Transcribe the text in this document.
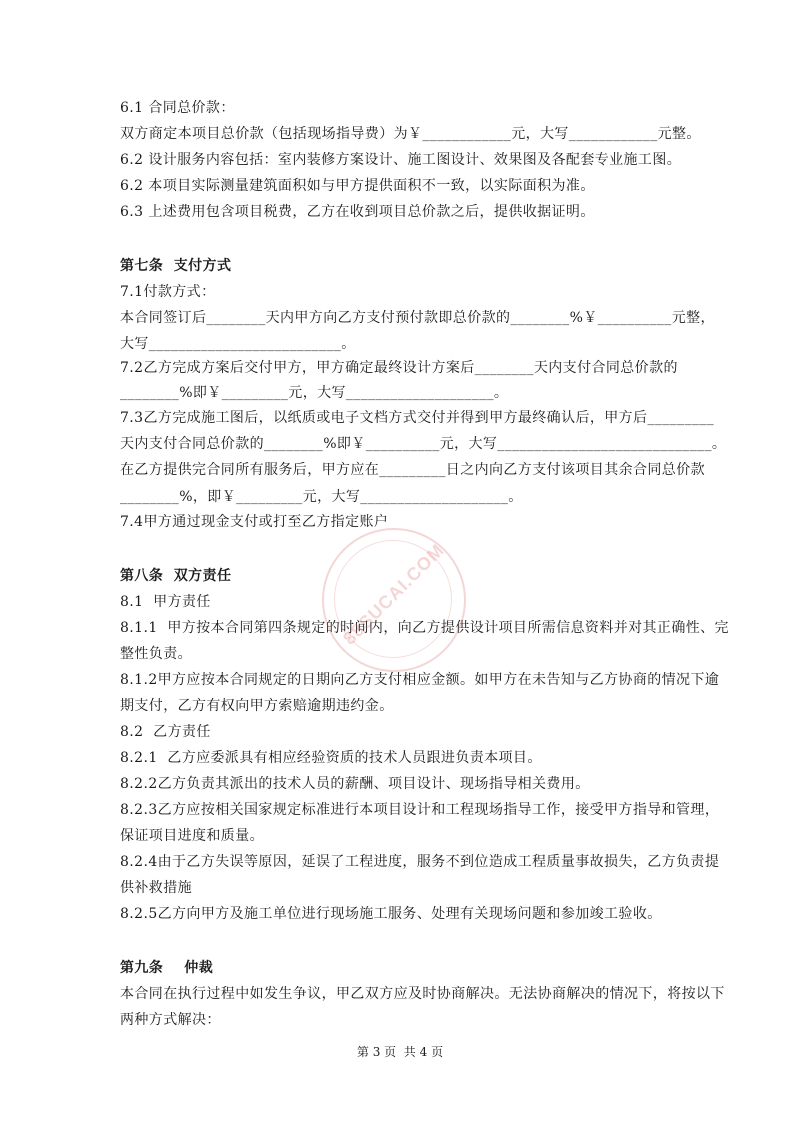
6.1 合同总价款：
双方商定本项目总价款（包括现场指导费）为￥____________元，大写____________元整。
6.2 设计服务内容包括：室内装修方案设计、施工图设计、效果图及各配套专业施工图。
6.2 本项目实际测量建筑面积如与甲方提供面积不一致，以实际面积为准。
6.3 上述费用包含项目税费，乙方在收到项目总价款之后，提供收据证明。
第七条  支付方式
7.1付款方式：
本合同签订后________天内甲方向乙方支付预付款即总价款的________%￥__________元整，
大写__________________________。
7.2乙方完成方案后交付甲方，甲方确定最终设计方案后________天内支付合同总价款的
________%即￥_________元，大写____________________。
7.3乙方完成施工图后，以纸质或电子文档方式交付并得到甲方最终确认后，甲方后_________
天内支付合同总价款的________%即￥__________元，大写_____________________________。
在乙方提供完合同所有服务后，甲方应在_________日之内向乙方支付该项目其余合同总价款
________%，即￥_________元，大写____________________。
7.4甲方通过现金支付或打至乙方指定账户
第八条  双方责任
8.1  甲方责任
8.1.1  甲方按本合同第四条规定的时间内，向乙方提供设计项目所需信息资料并对其正确性、完
整性负责。
8.1.2甲方应按本合同规定的日期向乙方支付相应金额。如甲方在未告知与乙方协商的情况下逾
期支付，乙方有权向甲方索赔逾期违约金。
8.2  乙方责任
8.2.1  乙方应委派具有相应经验资质的技术人员跟进负责本项目。
8.2.2乙方负责其派出的技术人员的薪酬、项目设计、现场指导相关费用。
8.2.3乙方应按相关国家规定标准进行本项目设计和工程现场指导工作，接受甲方指导和管理，
保证项目进度和质量。
8.2.4由于乙方失误等原因，延误了工程进度，服务不到位造成工程质量事故损失，乙方负责提
供补救措施
8.2.5乙方向甲方及施工单位进行现场施工服务、处理有关现场问题和参加竣工验收。
第九条    仲裁
本合同在执行过程中如发生争议，甲乙双方应及时协商解决。无法协商解决的情况下，将按以下
两种方式解决：
第 3 页  共 4 页
88SUCAI.COM
